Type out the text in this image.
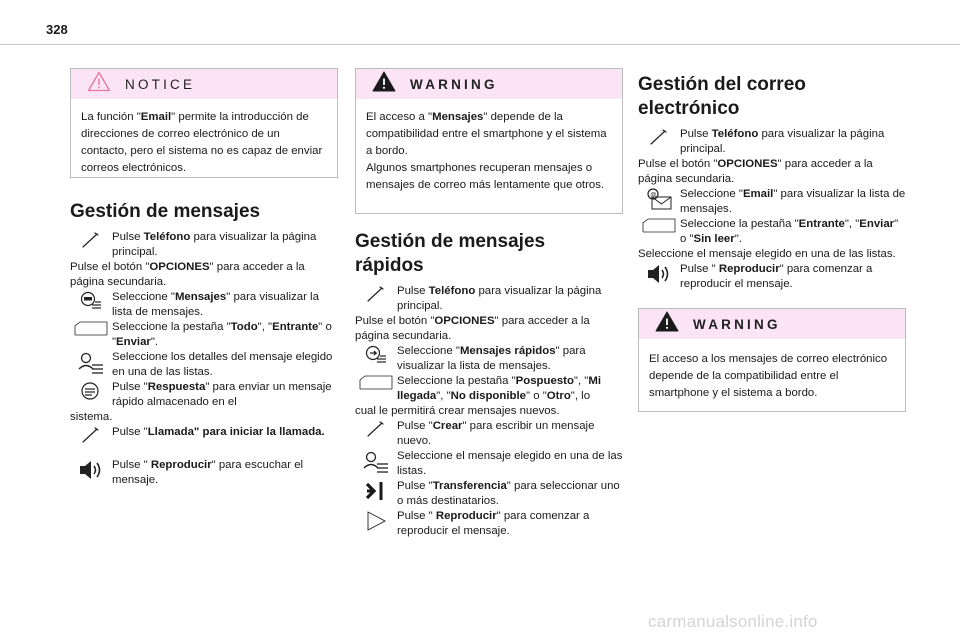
328
NOTICE
La función "Email" permite la introducción de direcciones de correo electrónico de un contacto, pero el sistema no es capaz de enviar correos electrónicos.
Gestión de mensajes
Pulse Teléfono para visualizar la página principal.
Pulse el botón "OPCIONES" para acceder a la página secundaria.
Seleccione "Mensajes" para visualizar la lista de mensajes.
Seleccione la pestaña "Todo", "Entrante" o "Enviar".
Seleccione los detalles del mensaje elegido en una de las listas.
Pulse "Respuesta" para enviar un mensaje rápido almacenado en el
sistema.
Pulse "Llamada" para iniciar la llamada.
Pulse " Reproducir" para escuchar el mensaje.
WARNING
El acceso a "Mensajes" depende de la compatibilidad entre el smartphone y el sistema a bordo.
Algunos smartphones recuperan mensajes o mensajes de correo más lentamente que otros.
Gestión de mensajes
rápidos
Pulse Teléfono para visualizar la página principal.
Pulse el botón "OPCIONES" para acceder a la página secundaria.
Seleccione "Mensajes rápidos" para visualizar la lista de mensajes.
Seleccione la pestaña "Pospuesto", "Mi llegada", "No disponible" o "Otro", lo
cual le permitirá crear mensajes nuevos.
Pulse "Crear" para escribir un mensaje nuevo.
Seleccione el mensaje elegido en una de las listas.
Pulse "Transferencia" para seleccionar uno o más destinatarios.
Pulse " Reproducir" para comenzar a reproducir el mensaje.
Gestión del correo
electrónico
Pulse Teléfono para visualizar la página principal.
Pulse el botón "OPCIONES" para acceder a la página secundaria.
@ Seleccione "Email" para visualizar la lista de mensajes.
Seleccione la pestaña "Entrante", "Enviar" o "Sin leer".
Seleccione el mensaje elegido en una de las listas.
Pulse " Reproducir" para comenzar a reproducir el mensaje.
WARNING
El acceso a los mensajes de correo electrónico depende de la compatibilidad entre el smartphone y el sistema a bordo.
carmanualsonline.info
